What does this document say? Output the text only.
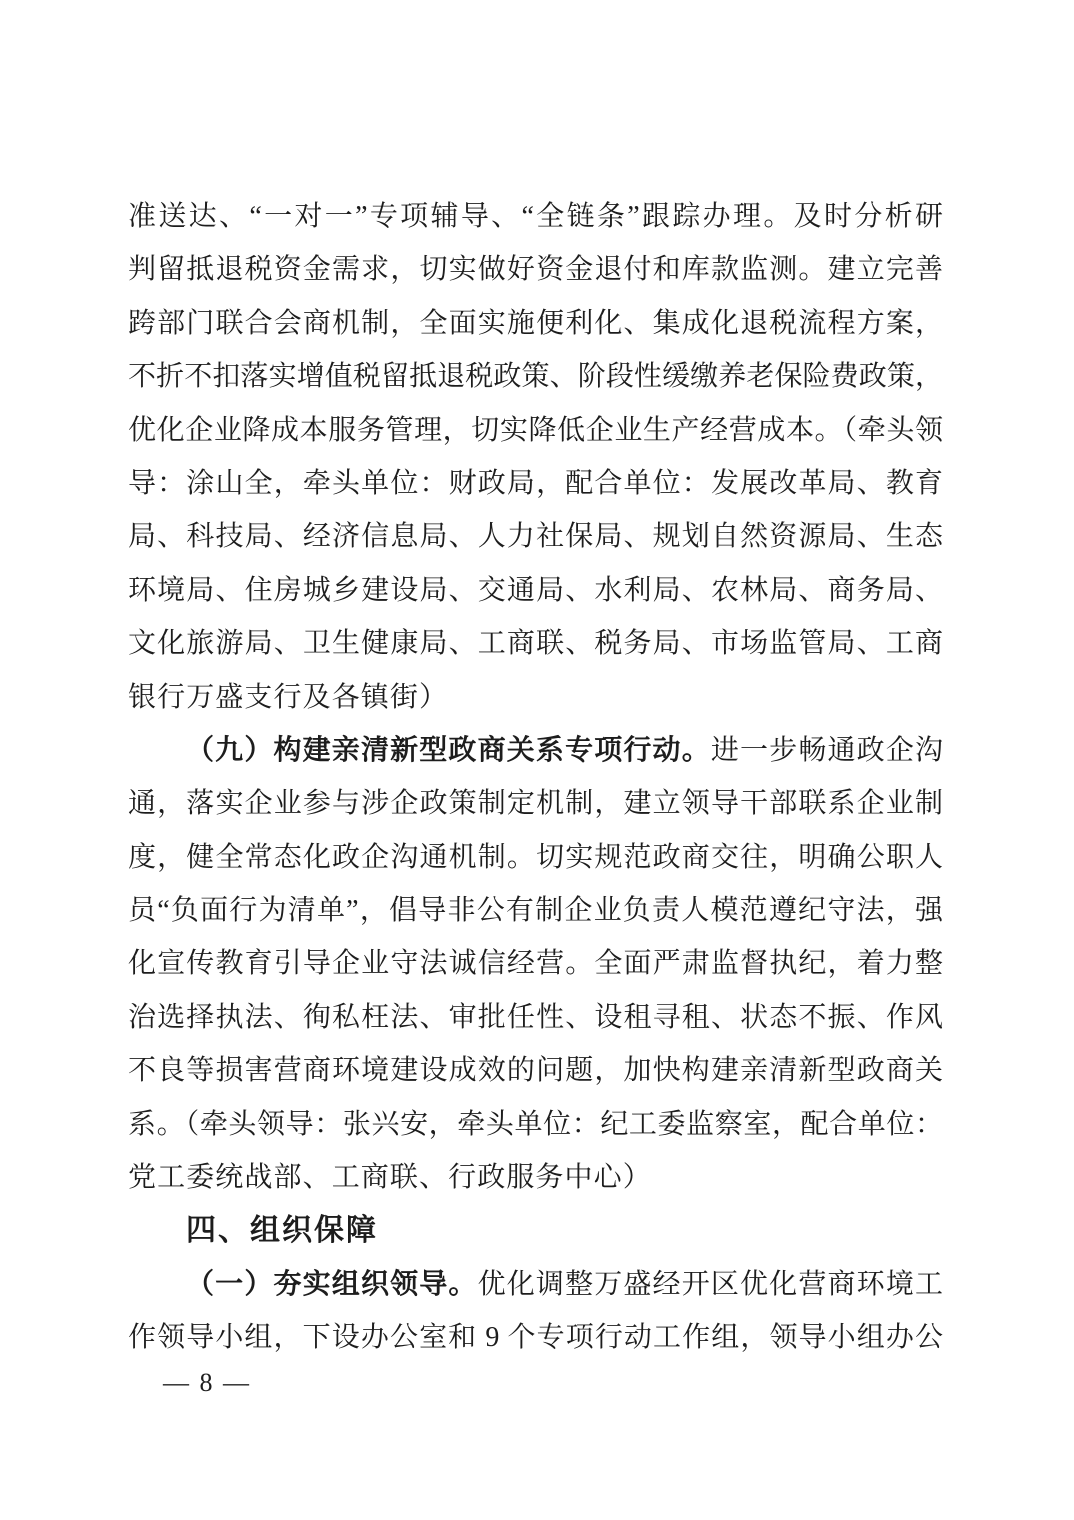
准送达、“一对一”专项辅导、“全链条”跟踪办理。及时分析研
判留抵退税资金需求，切实做好资金退付和库款监测。建立完善
跨部门联合会商机制，全面实施便利化、集成化退税流程方案，
不折不扣落实增值税留抵退税政策、阶段性缓缴养老保险费政策，
优化企业降成本服务管理，切实降低企业生产经营成本。（牵头领
导：涂山全，牵头单位：财政局，配合单位：发展改革局、教育
局、科技局、经济信息局、人力社保局、规划自然资源局、生态
环境局、住房城乡建设局、交通局、水利局、农林局、商务局、
文化旅游局、卫生健康局、工商联、税务局、市场监管局、工商
银行万盛支行及各镇街）
（九）构建亲清新型政商关系专项行动。进一步畅通政企沟
通，落实企业参与涉企政策制定机制，建立领导干部联系企业制
度，健全常态化政企沟通机制。切实规范政商交往，明确公职人
员“负面行为清单”，倡导非公有制企业负责人模范遵纪守法，强
化宣传教育引导企业守法诚信经营。全面严肃监督执纪，着力整
治选择执法、徇私枉法、审批任性、设租寻租、状态不振、作风
不良等损害营商环境建设成效的问题，加快构建亲清新型政商关
系。（牵头领导：张兴安，牵头单位：纪工委监察室，配合单位：
党工委统战部、工商联、行政服务中心）
四、组织保障
（一）夯实组织领导。优化调整万盛经开区优化营商环境工
作领导小组，下设办公室和 9 个专项行动工作组，领导小组办公
— 8 —
